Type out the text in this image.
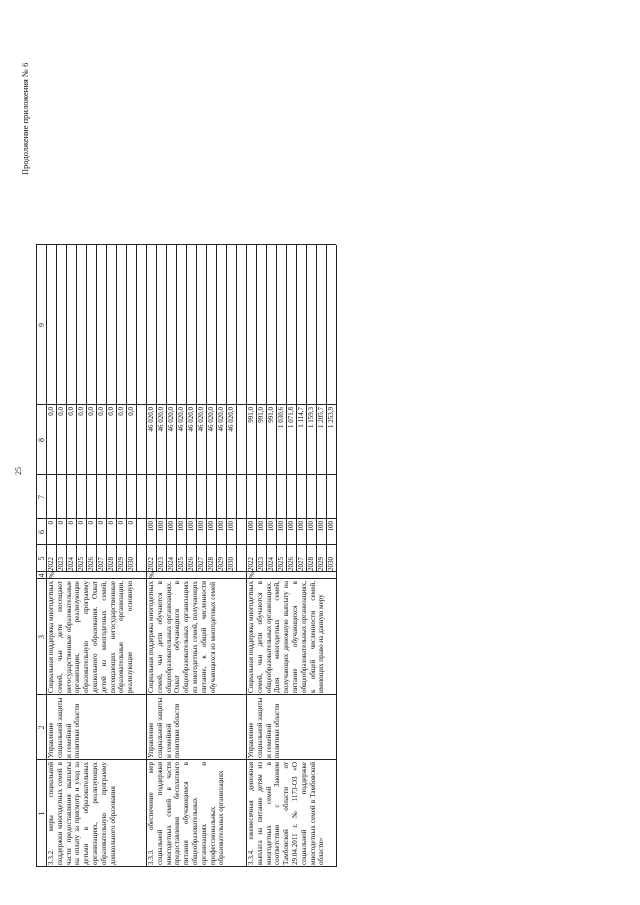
25
Продолжение приложения № 6
3.3.2. меры социальной поддержки многодетных семей в части предоставления выплаты на оплату за присмотр и уход за детьми в образовательных организациях, реализующих образовательную программу дошкольного образования
Управление социальной защиты и семейной политики области
Социальная поддержка многодетных семей, чьи дети посещают негосударственные образовательные организации, реализующие образовательную программу дошкольного образования. Охват детей из многодетных семей, посещающих негосударственные образовательные организации, реализующие основную
%
2022
0
0,0
2023
0
0,0
2024
0
0,0
2025
0
0,0
2026
0
0,0
2027
0
0,0
2028
0
0,0
2029
0
0,0
2030
0
0,0
3.3.3. обеспечение мер социальной поддержки многодетных семей в части предоставления бесплатного питания обучающимся в общеобразовательных организациях и профессиональных образовательных организациях
Управление социальной защиты и семейной политики области
Социальная поддержка многодетных семей, чьи дети обучаются в общеобразовательных организациях. Охват обучающихся в общеобразовательных организациях из многодетных семей, получающих питание, к общей численности обучающихся из многодетных семей
%
2022
100
46 020,0
2023
100
46 020,0
2024
100
46 020,0
2025
100
46 020,0
2026
100
46 020,0
2027
100
46 020,0
2028
100
46 020,0
2029
100
46 020,0
2030
100
46 020,0
3.3.4. ежемесячная денежная выплата на питание детям из многодетных семей в соответствии с Законом Тамбовской области от 29.04.2011 г. № 1173-ОЗ «О социальной поддержке многодетных семей в Тамбовской области»
Управление социальной защиты и семейной политики области
Социальная поддержка многодетных семей, чьи дети обучаются в общеобразовательных организациях. Доля многодетных семей, получающих денежную выплату на питание обучающихся в общеобразовательных организациях, к общей численности семей, имеющих право на данную меру
%
2022
100
991,0
2023
100
991,0
2024
100
991,0
2025
100
1 030,6
2026
100
1 071,8
2027
100
1 114,7
2028
100
1 159,3
2029
100
1 205,7
2030
100
1 253,9
1
2
3
4
5
6
7
8
9
